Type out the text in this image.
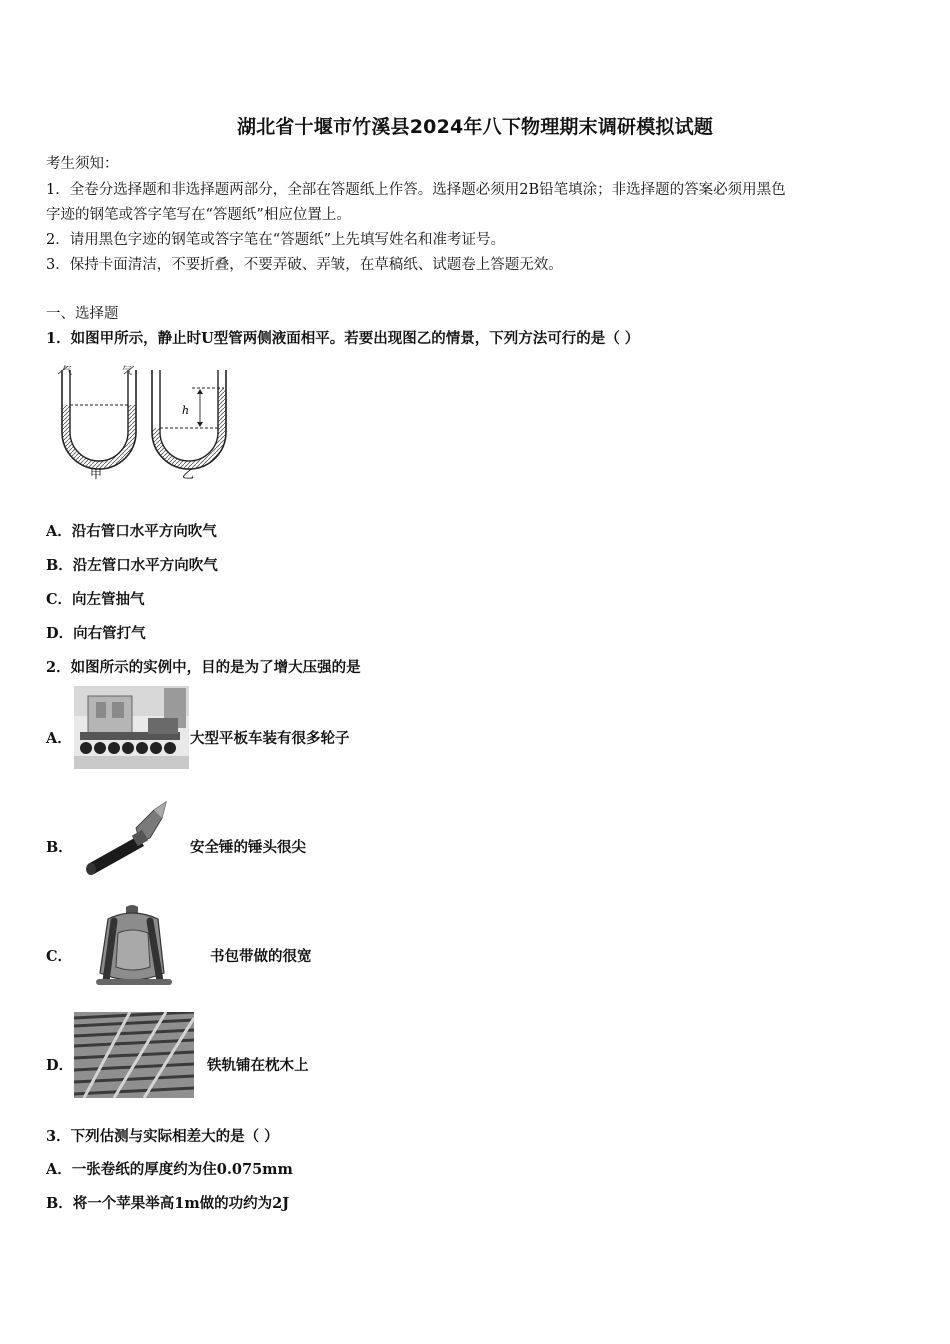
湖北省十堰市竹溪县2024年八下物理期末调研模拟试题
考生须知：
1．全卷分选择题和非选择题两部分，全部在答题纸上作答。选择题必须用2B铅笔填涂；非选择题的答案必须用黑色
字迹的钢笔或答字笔写在“答题纸”相应位置上。
2．请用黑色字迹的钢笔或答字笔在“答题纸”上先填写姓名和准考证号。
3．保持卡面清洁，不要折叠，不要弄破、弄皱，在草稿纸、试题卷上答题无效。
一、选择题
1．如图甲所示，静止时U型管两侧液面相平。若要出现图乙的情景，下列方法可行的是（ ）
h
气	气
甲	乙
A．沿右管口水平方向吹气
B．沿左管口水平方向吹气
C．向左管抽气
D．向右管打气
2．如图所示的实例中，目的是为了增大压强的是
A．	大型平板车装有很多轮子
B．	安全锤的锤头很尖
C．	书包带做的很宽
D．	铁轨铺在枕木上
3．下列估测与实际相差大的是（ ）
A．一张卷纸的厚度约为住0.075mm
B．将一个苹果举高1m做的功约为2J
